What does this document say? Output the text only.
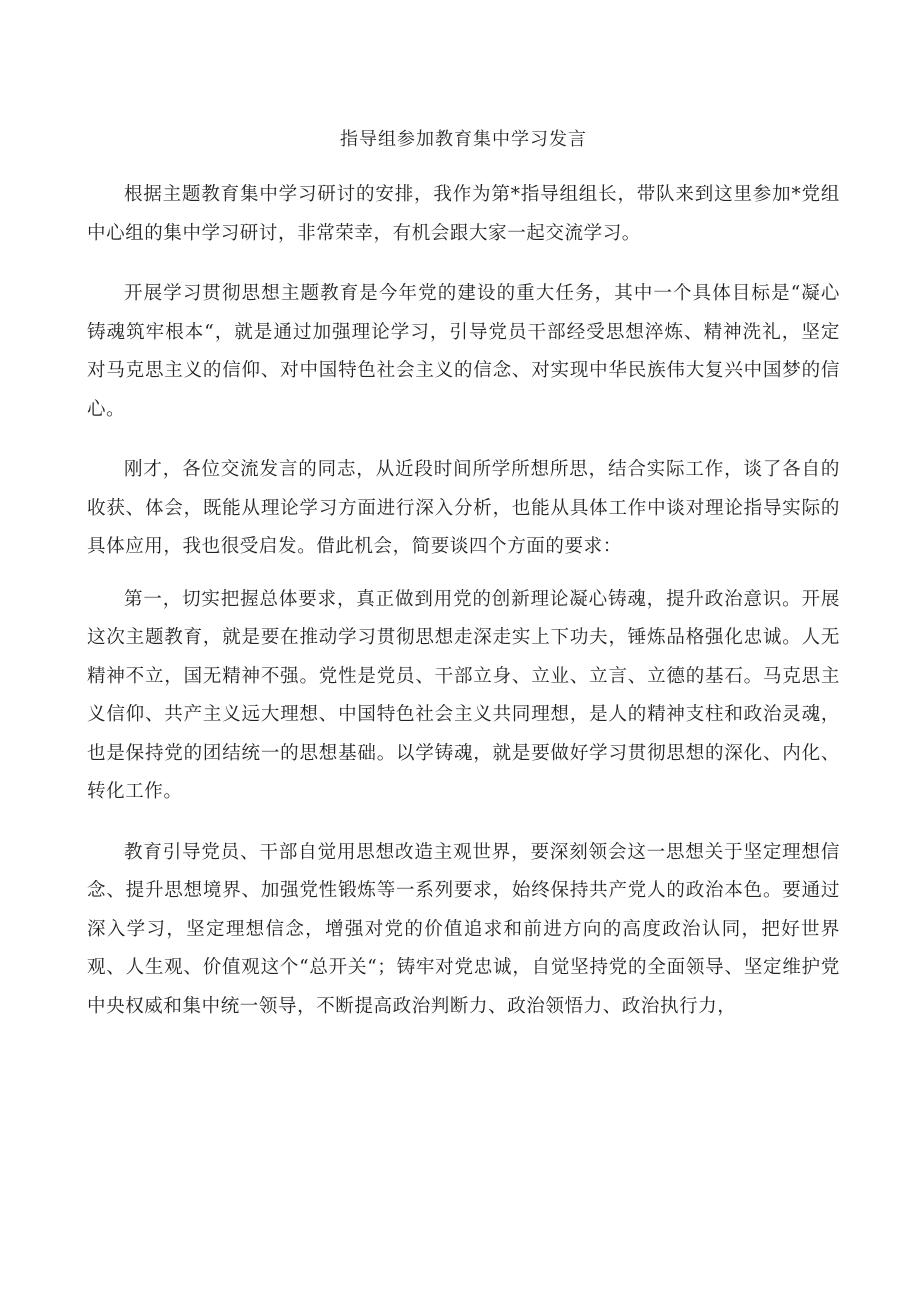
指导组参加教育集中学习发言

根据主题教育集中学习研讨的安排，我作为第*指导组组长，带队来到这里参加*党组中心组的集中学习研讨，非常荣幸，有机会跟大家一起交流学习。

开展学习贯彻思想主题教育是今年党的建设的重大任务，其中一个具体目标是“凝心铸魂筑牢根本“，就是通过加强理论学习，引导党员干部经受思想淬炼、精神洗礼，坚定对马克思主义的信仰、对中国特色社会主义的信念、对实现中华民族伟大复兴中国梦的信心。

刚才，各位交流发言的同志，从近段时间所学所想所思，结合实际工作，谈了各自的收获、体会，既能从理论学习方面进行深入分析，也能从具体工作中谈对理论指导实际的具体应用，我也很受启发。借此机会，简要谈四个方面的要求：

第一，切实把握总体要求，真正做到用党的创新理论凝心铸魂，提升政治意识。开展这次主题教育，就是要在推动学习贯彻思想走深走实上下功夫，锤炼品格强化忠诚。人无精神不立，国无精神不强。党性是党员、干部立身、立业、立言、立德的基石。马克思主义信仰、共产主义远大理想、中国特色社会主义共同理想，是人的精神支柱和政治灵魂，也是保持党的团结统一的思想基础。以学铸魂，就是要做好学习贯彻思想的深化、内化、转化工作。

教育引导党员、干部自觉用思想改造主观世界，要深刻领会这一思想关于坚定理想信念、提升思想境界、加强党性锻炼等一系列要求，始终保持共产党人的政治本色。要通过深入学习，坚定理想信念，增强对党的价值追求和前进方向的高度政治认同，把好世界观、人生观、价值观这个“总开关“；铸牢对党忠诚，自觉坚持党的全面领导、坚定维护党中央权威和集中统一领导，不断提高政治判断力、政治领悟力、政治执行力，
